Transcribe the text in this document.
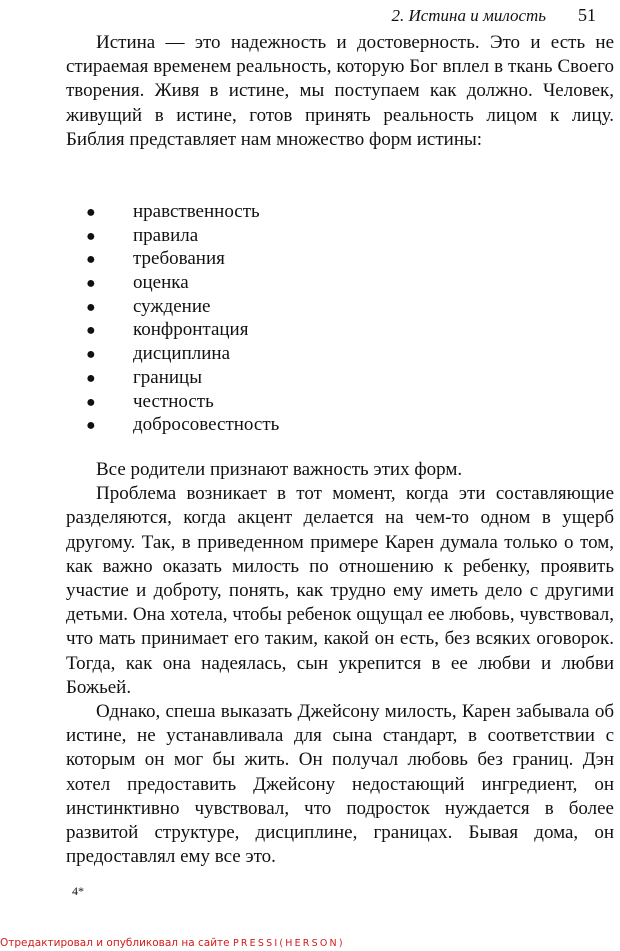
2. Истина и милость 51

Истина — это надежность и достоверность. Это и есть не стираемая временем реальность, которую Бог вплел в ткань Своего творения. Живя в истине, мы поступаем как должно. Человек, живущий в истине, готов принять реальность лицом к лицу. Библия представляет нам множество форм истины:

● нравственность
● правила
● требования
● оценка
● суждение
● конфронтация
● дисциплина
● границы
● честность
● добросовестность

Все родители признают важность этих форм.

Проблема возникает в тот момент, когда эти составляющие разделяются, когда акцент делается на чем-то одном в ущерб другому. Так, в приведенном примере Карен думала только о том, как важно оказать милость по отношению к ребенку, проявить участие и доброту, понять, как трудно ему иметь дело с другими детьми. Она хотела, чтобы ребенок ощущал ее любовь, чувствовал, что мать принимает его таким, какой он есть, без всяких оговорок. Тогда, как она надеялась, сын укрепится в ее любви и любви Божьей.

Однако, спеша выказать Джейсону милость, Карен забывала об истине, не устанавливала для сына стандарт, в соответствии с которым он мог бы жить. Он получал любовь без границ. Дэн хотел предоставить Джейсону недостающий ингредиент, он инстинктивно чувствовал, что подросток нуждается в более развитой структуре, дисциплине, границах. Бывая дома, он предоставлял ему все это.

4*
Отредактировал и опубликовал на сайте PRESSI(HERSON)
